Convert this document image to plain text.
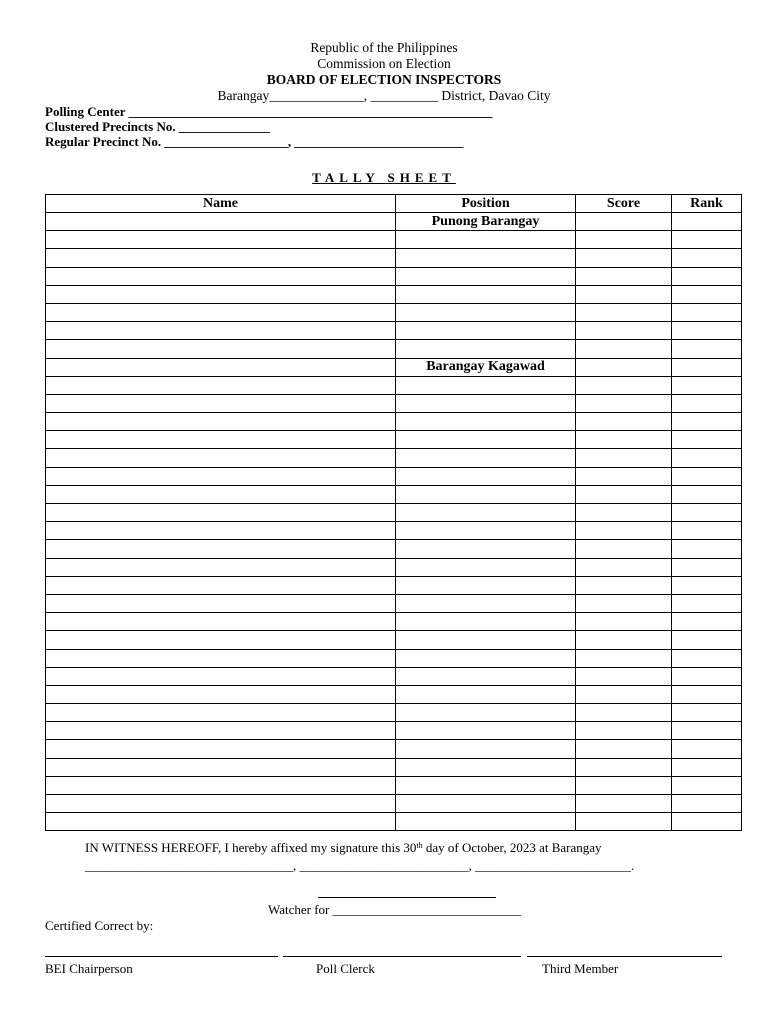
Republic of the Philippines
Commission on Election
BOARD OF ELECTION INSPECTORS
Barangay______________, __________ District, Davao City
Polling Center ________________________________________________________
Clustered Precincts No. ______________
Regular Precinct No. ___________________, __________________________
TALLY SHEET
Name	Position	Score	Rank
	Punong Barangay		

	Barangay Kagawad		

IN WITNESS HEREOFF, I hereby affixed my signature this 30th day of October, 2023 at Barangay
________________________________, __________________________, ________________________.
Watcher for _____________________________
Certified Correct by:
BEI Chairperson	Poll Clerck	Third Member
